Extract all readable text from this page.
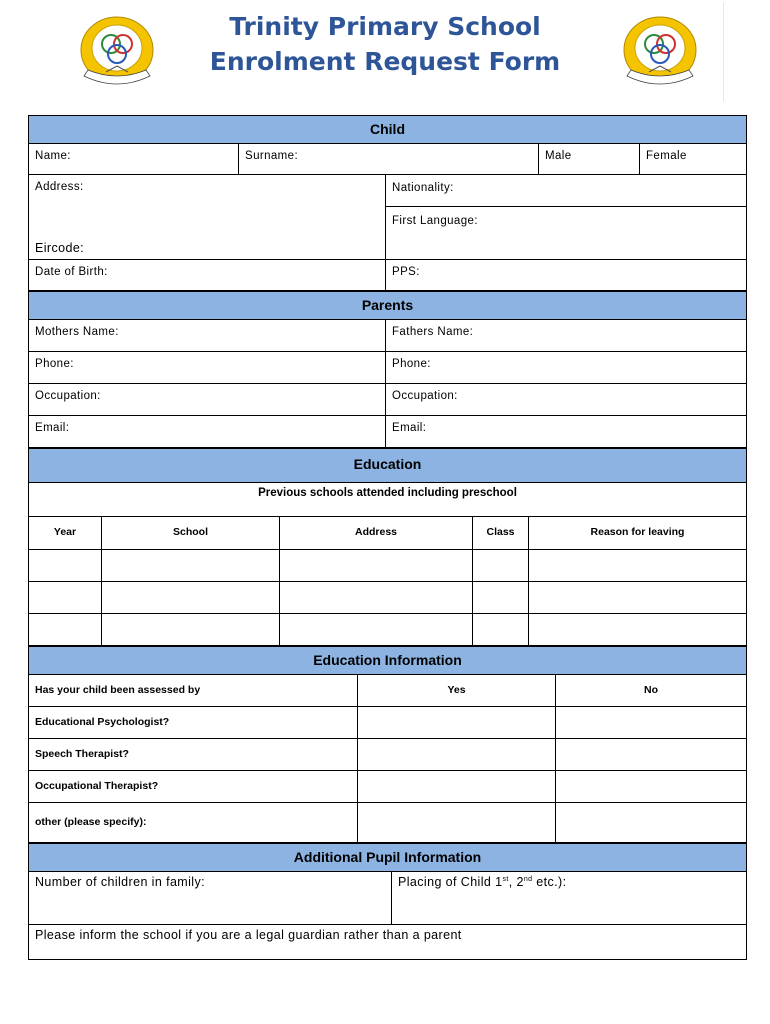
Trinity Primary School
Enrolment Request Form
Child
Name:	Surname:	Male	Female
Address:
Eircode:
Nationality:
First Language:
Date of Birth:	PPS:
Parents
Mothers Name:	Fathers Name:
Phone:	Phone:
Occupation:	Occupation:
Email:	Email:
Education
Previous schools attended including preschool
Year	School	Address	Class	Reason for leaving
Education Information
Has your child been assessed by	Yes	No
Educational Psychologist?
Speech Therapist?
Occupational Therapist?
other (please specify):
Additional Pupil Information
Number of children in family:	Placing of Child 1st, 2nd etc.):
Please inform the school if you are a legal guardian rather than a parent
